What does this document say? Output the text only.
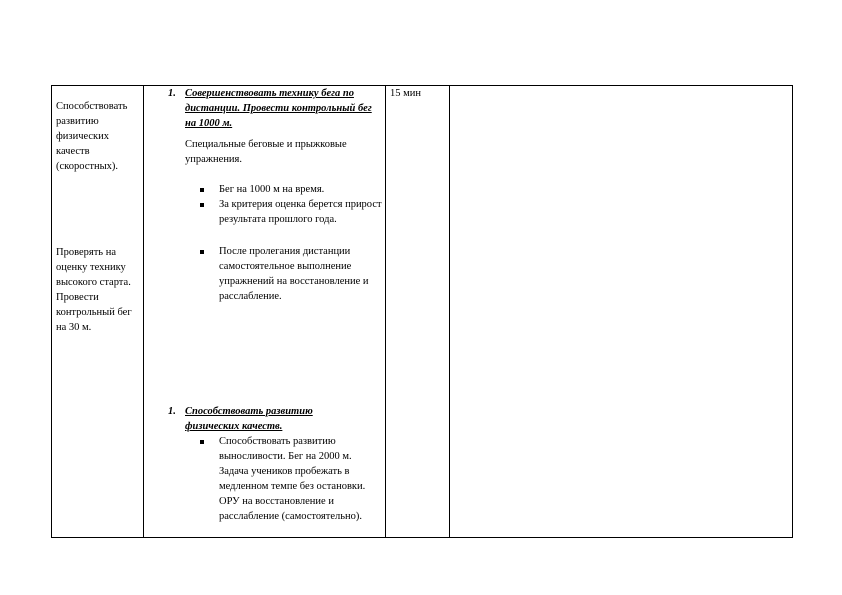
Способствовать развитию физических качеств (скоростных).

Проверять на оценку технику высокого старта. Провести контрольный бег на 30 м.

1. Совершенствовать технику бега по дистанции. Провести контрольный бег на 1000 м.
Специальные беговые и прыжковые упражнения.
Бег на 1000 м на время.
За критерия оценка берется прирост результата прошлого года.
После пролегания дистанции самостоятельное выполнение упражнений на восстановление и расслабление.
1. Способствовать развитию физических качеств.
Способствовать развитию выносливости. Бег на 2000 м. Задача учеников пробежать в медленном темпе без остановки. ОРУ на восстановление и расслабление (самостоятельно).

15 мин
